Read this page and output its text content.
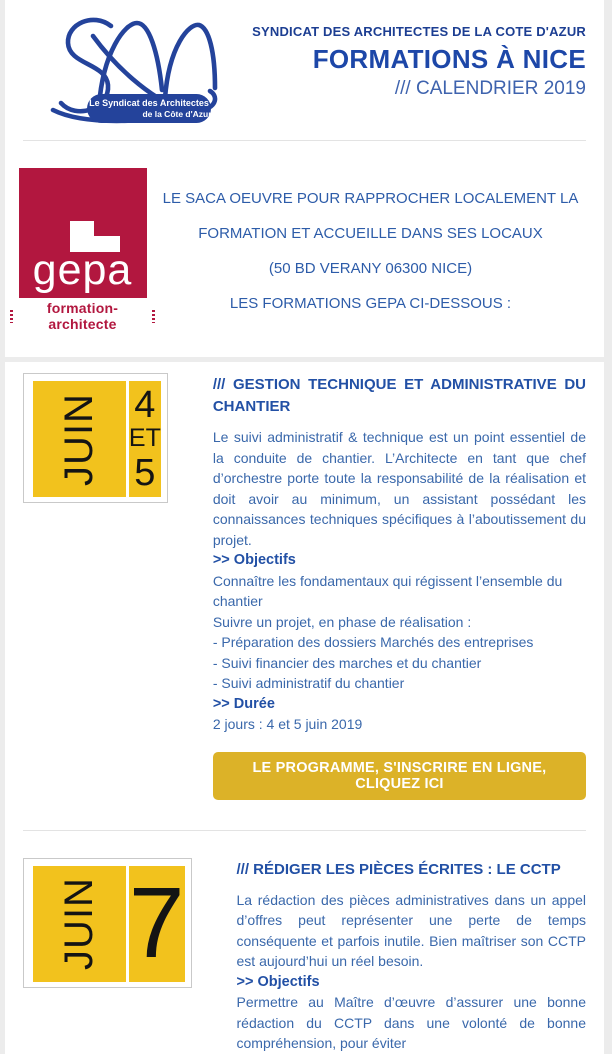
Le Syndicat des Architectes
de la Côte d'Azur
SYNDICAT DES ARCHITECTES DE LA COTE D'AZUR
FORMATIONS À NICE
/// CALENDRIER 2019
gepa
formation-architecte
LE SACA OEUVRE POUR RAPPROCHER LOCALEMENT LA
FORMATION ET ACCUEILLE DANS SES LOCAUX
(50 BD VERANY 06300 NICE)
LES FORMATIONS GEPA CI-DESSOUS :
JUIN 4
ET
5
/// GESTION TECHNIQUE ET ADMINISTRATIVE DU CHANTIER

Le suivi administratif & technique est un point essentiel de la conduite de chantier. L’Architecte en tant que chef d’orchestre porte toute la responsabilité de la réalisation et doit avoir au minimum, un assistant possédant les connaissances techniques spécifiques à l’aboutissement du projet.

>> Objectifs
Connaître les fondamentaux qui régissent l’ensemble du chantier
Suivre un projet, en phase de réalisation :
- Préparation des dossiers Marchés des entreprises
- Suivi financier des marches et du chantier
- Suivi administratif du chantier
>> Durée
2 jours : 4 et 5 juin 2019
LE PROGRAMME, S'INSCRIRE EN LIGNE, CLIQUEZ ICI
JUIN 7	/// RÉDIGER LES PIÈCES ÉCRITES : LE CCTP

La rédaction des pièces administratives dans un appel d’offres peut représenter une perte de temps conséquente et parfois inutile. Bien maîtriser son CCTP est aujourd’hui un réel besoin.

>> Objectifs
Permettre au Maître d’œuvre d’assurer une bonne rédaction du CCTP dans une volonté de bonne compréhension, pour éviter
